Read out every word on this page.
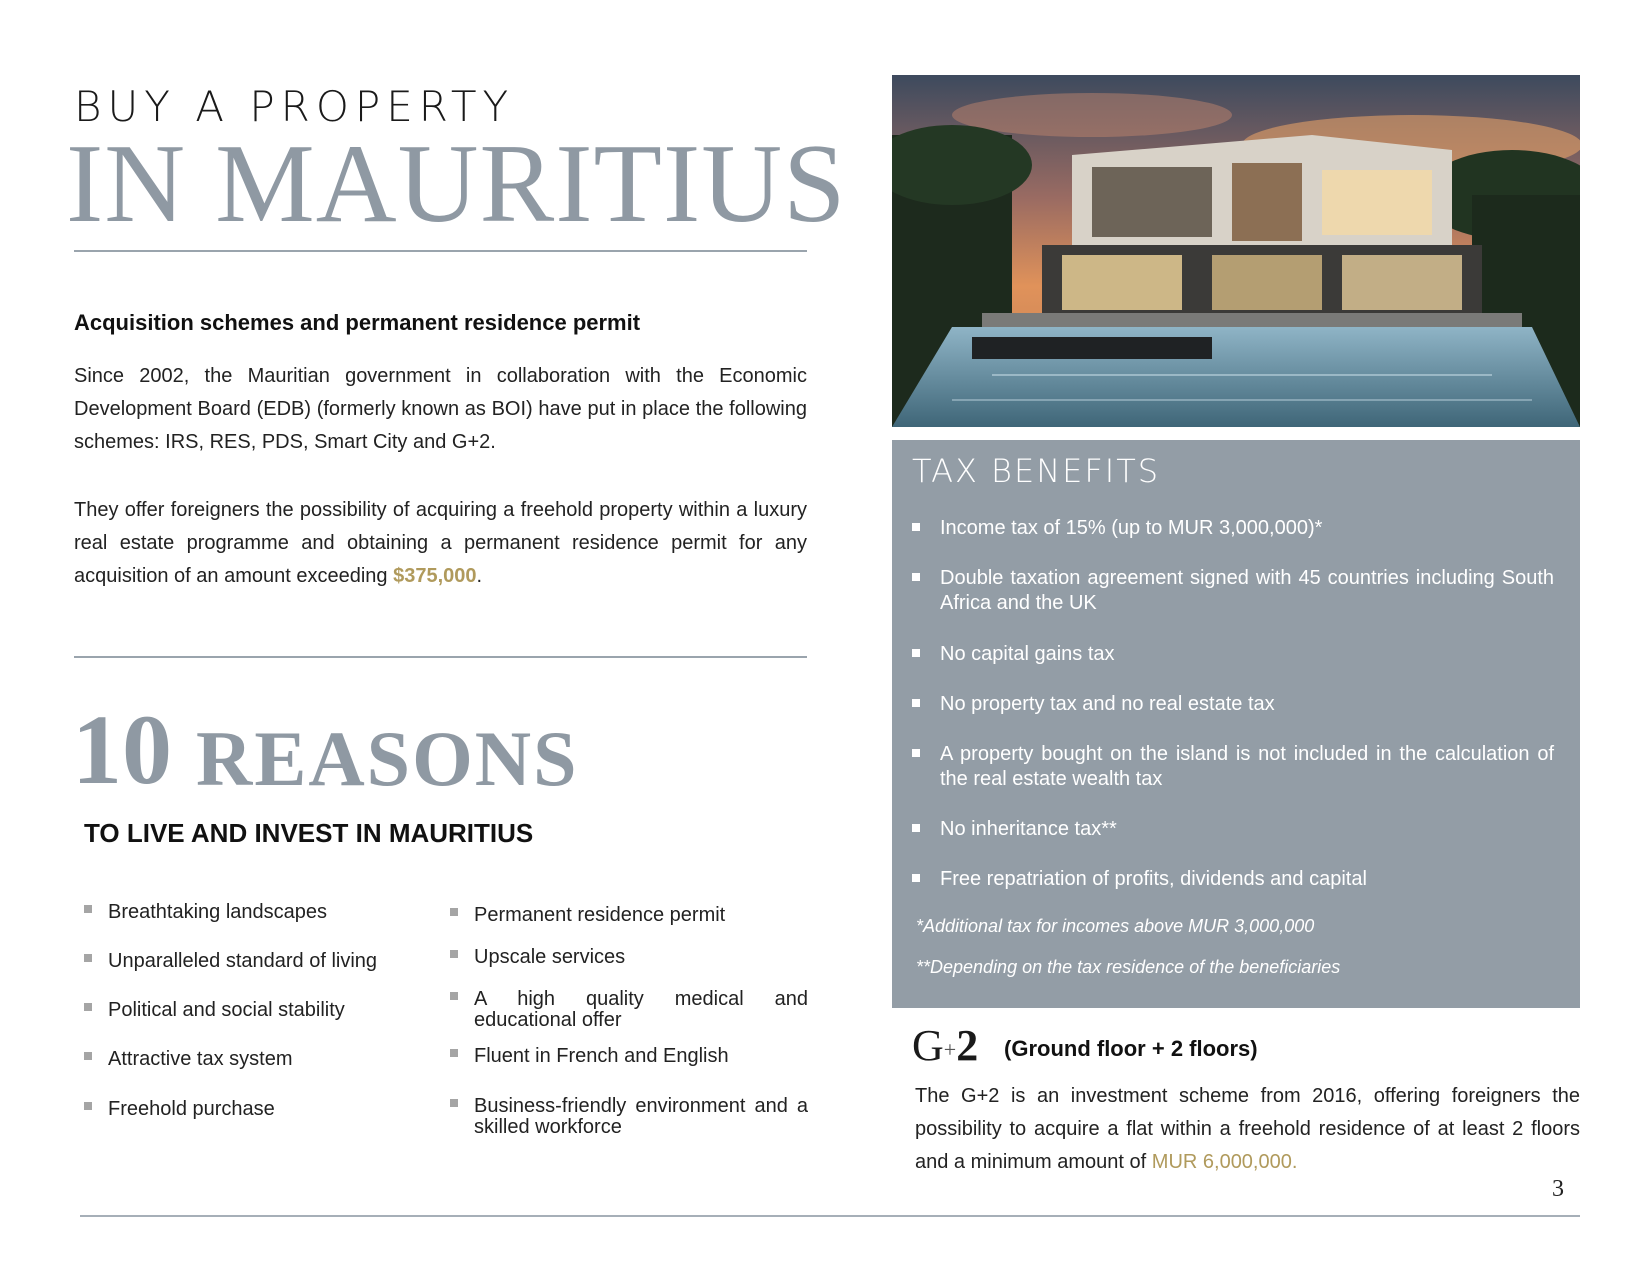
BUY A PROPERTY
IN MAURITIUS
Acquisition schemes and permanent residence permit

Since 2002, the Mauritian government in collaboration with the Economic Development Board (EDB) (formerly known as BOI) have put in place the following schemes: IRS, RES, PDS, Smart City and G+2.

They offer foreigners the possibility of acquiring a freehold property within a luxury real estate programme and obtaining a permanent residence permit for any acquisition of an amount exceeding $375,000.

10 REASONS
TO LIVE AND INVEST IN MAURITIUS
Breathtaking landscapes
Unparalleled standard of living
Political and social stability
Attractive tax system
Freehold purchase
Permanent residence permit
Upscale services
A high quality medical and educational offer
Fluent in French and English
Business-friendly environment and a skilled workforce
TAX BENEFITS
Income tax of 15% (up to MUR 3,000,000)*
Double taxation agreement signed with 45 countries including South Africa and the UK
No capital gains tax
No property tax and no real estate tax
A property bought on the island is not included in the calculation of the real estate wealth tax
No inheritance tax**
Free repatriation of profits, dividends and capital
*Additional tax for incomes above MUR 3,000,000
**Depending on the tax residence of the beneficiaries
G+2 (Ground floor + 2 floors)

The G+2 is an investment scheme from 2016, offering foreigners the possibility to acquire a flat within a freehold residence of at least 2 floors and a minimum amount of MUR 6,000,000.

3
